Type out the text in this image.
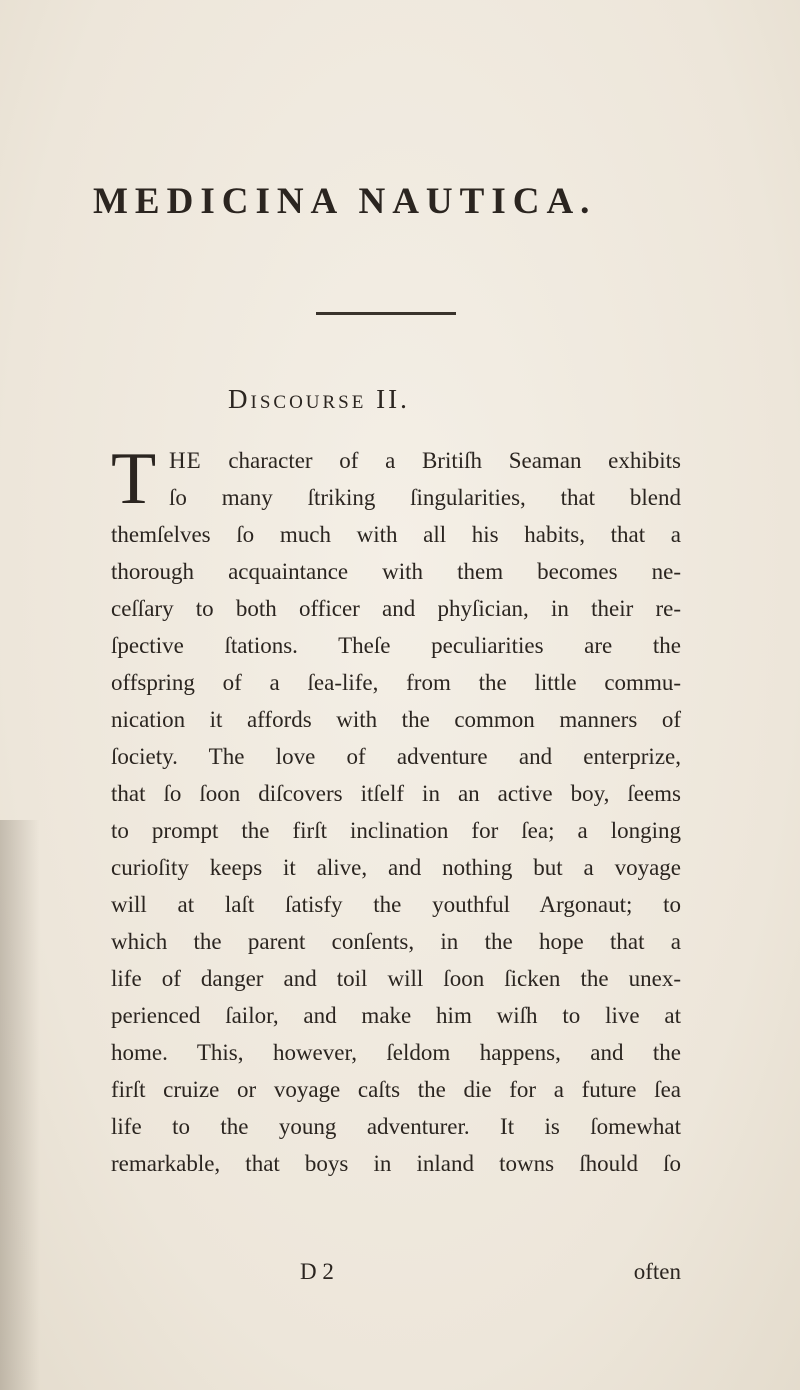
MEDICINA NAUTICA.
Discourse II.
T HE character of a Britiſh Seaman exhibits
ſo many ſtriking ſingularities, that blend
themſelves ſo much with all his habits, that a
thorough acquaintance with them becomes ne-
ceſſary to both officer and phyſician, in their re-
ſpective ſtations. Theſe peculiarities are the
offspring of a ſea-life, from the little commu-
nication it affords with the common manners of
ſociety. The love of adventure and enterprize,
that ſo ſoon diſcovers itſelf in an active boy, ſeems
to prompt the firſt inclination for ſea; a longing
curioſity keeps it alive, and nothing but a voyage
will at laſt ſatisfy the youthful Argonaut; to
which the parent conſents, in the hope that a
life of danger and toil will ſoon ſicken the unex-
perienced ſailor, and make him wiſh to live at
home. This, however, ſeldom happens, and the
firſt cruize or voyage caſts the die for a future ſea
life to the young adventurer. It is ſomewhat
remarkable, that boys in inland towns ſhould ſo
D 2	often
